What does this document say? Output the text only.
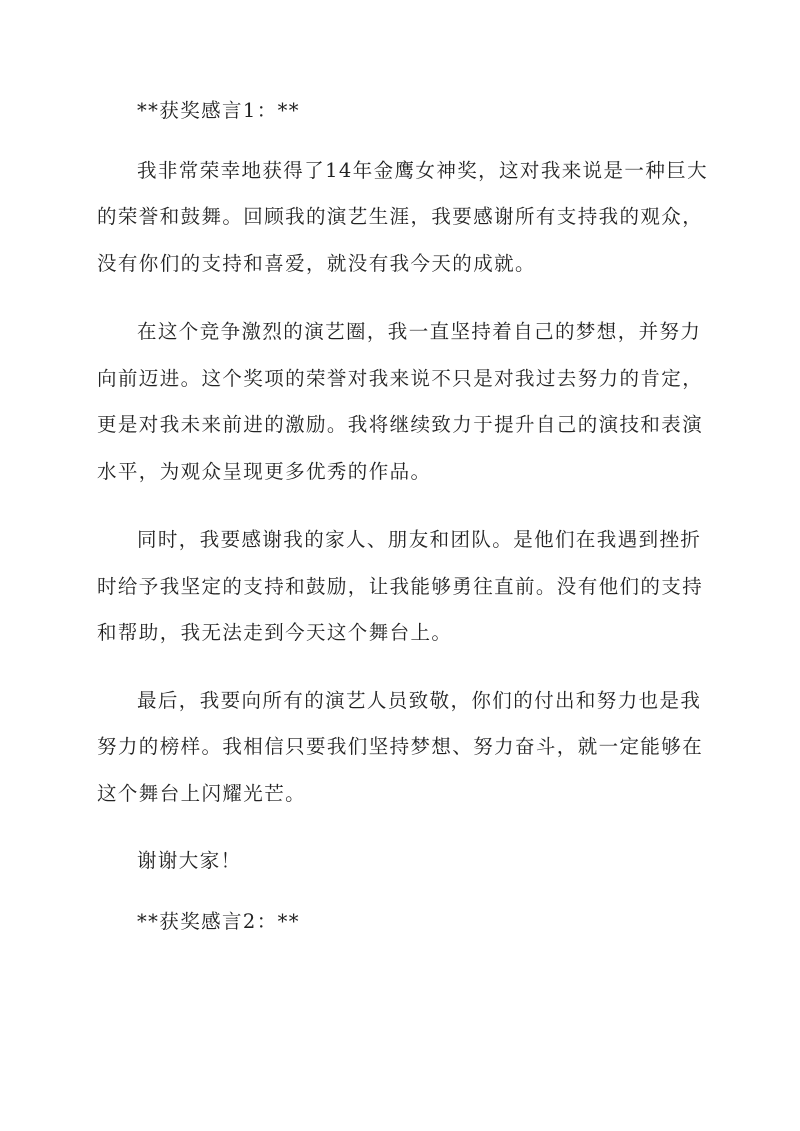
**获奖感言1：**

我非常荣幸地获得了14年金鹰女神奖，这对我来说是一种巨大

的荣誉和鼓舞。回顾我的演艺生涯，我要感谢所有支持我的观众，

没有你们的支持和喜爱，就没有我今天的成就。

在这个竞争激烈的演艺圈，我一直坚持着自己的梦想，并努力

向前迈进。这个奖项的荣誉对我来说不只是对我过去努力的肯定，

更是对我未来前进的激励。我将继续致力于提升自己的演技和表演

水平，为观众呈现更多优秀的作品。

同时，我要感谢我的家人、朋友和团队。是他们在我遇到挫折

时给予我坚定的支持和鼓励，让我能够勇往直前。没有他们的支持

和帮助，我无法走到今天这个舞台上。

最后，我要向所有的演艺人员致敬，你们的付出和努力也是我

努力的榜样。我相信只要我们坚持梦想、努力奋斗，就一定能够在

这个舞台上闪耀光芒。

谢谢大家！

**获奖感言2：**
